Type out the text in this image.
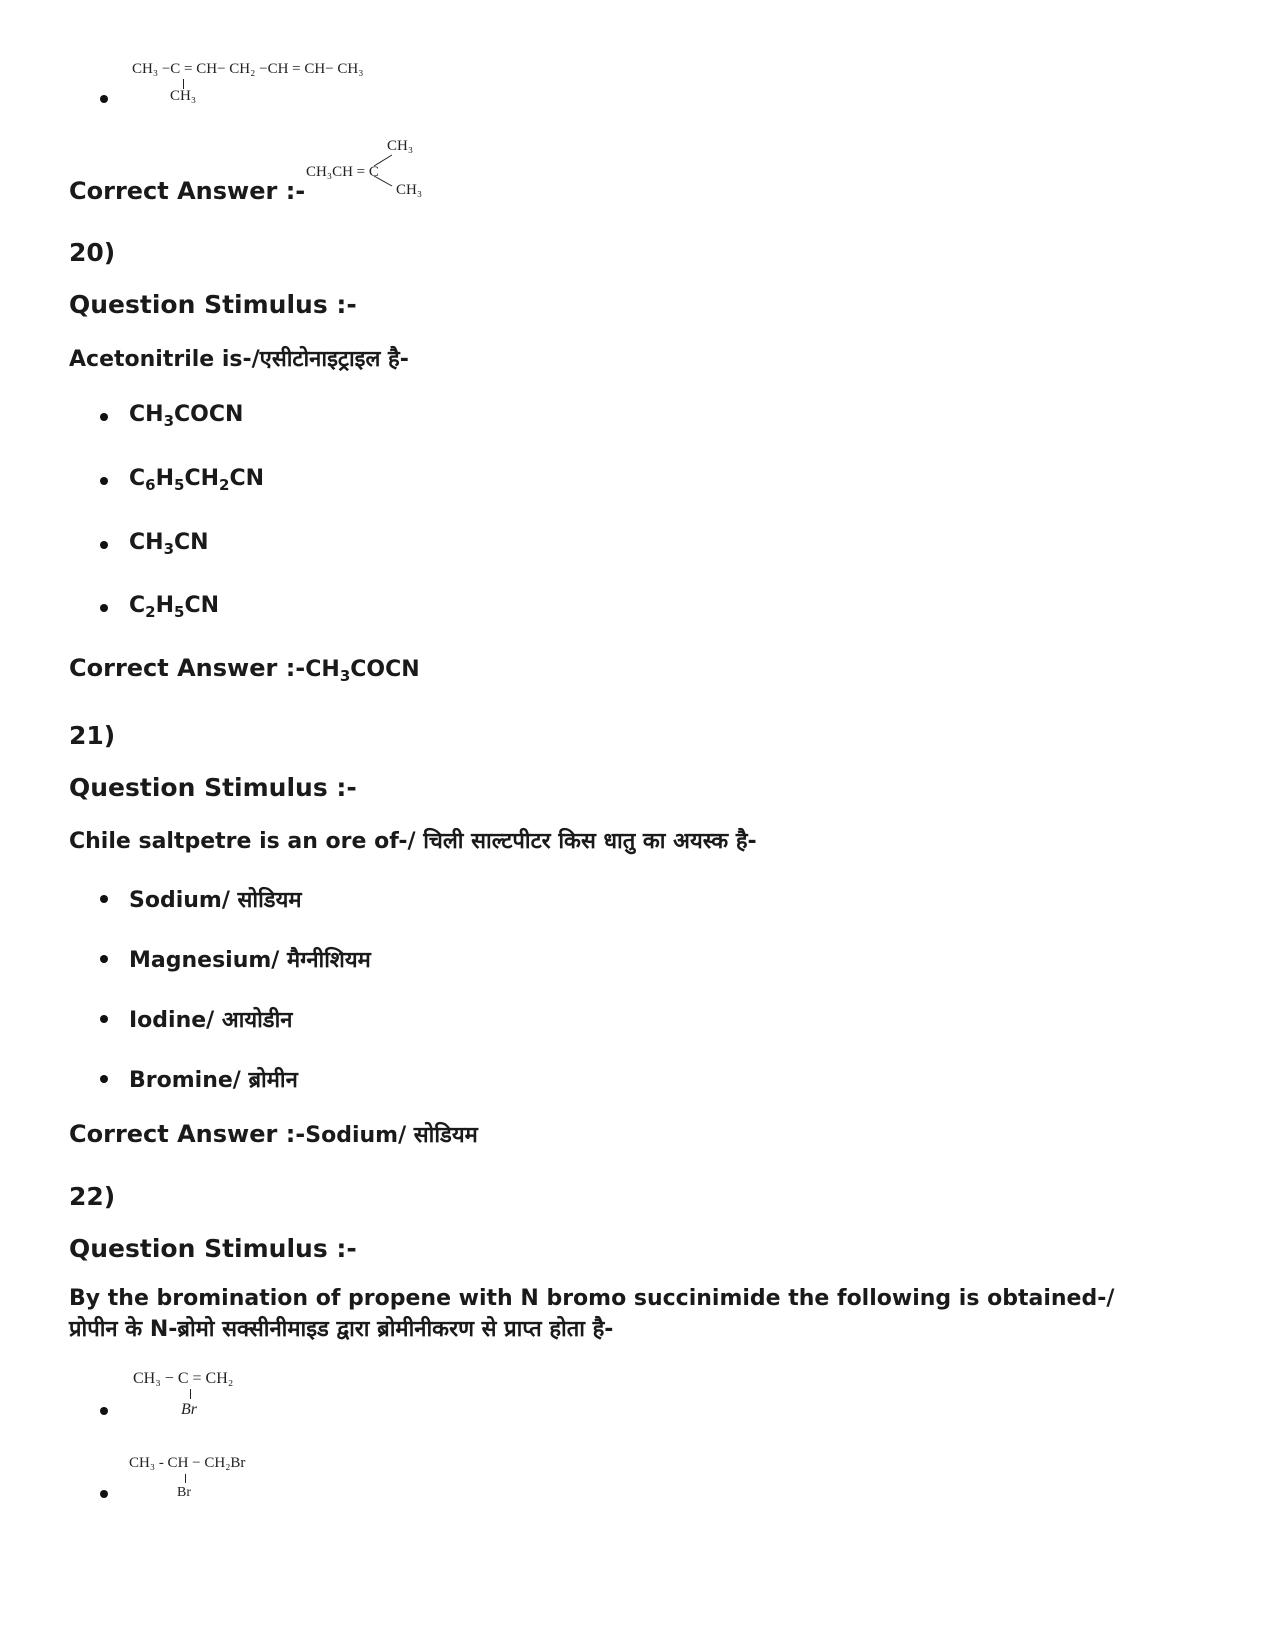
CH₃ −C = CH− CH₂ −CH = CH− CH₃
CH₃
Correct Answer :-
CH₃
CH₃CH = C
CH₃
20)
Question Stimulus :-
Acetonitrile is-/एसीटोनाइट्राइल है-
$CH_3COCN$
$C_6H_5CH_2CN$
$CH_3CN$
$C_2H_5CN$
Correct Answer $:-CH_3COCN$
21)
Question Stimulus :-
Chile saltpetre is an ore of-/ चिली साल्टपीटर किस धातु का अयस्क है-
Sodium/ सोडियम
Magnesium/ मैग्नीशियम
Iodine/ आयोडीन
Bromine/ ब्रोमीन
Correct Answer :-Sodium/ सोडियम
22)
Question Stimulus :-
By the bromination of propene with N bromo succinimide the following is obtained-/
प्रोपीन के N-ब्रोमो सक्सीनीमाइड द्वारा ब्रोमीनीकरण से प्राप्त होता है-
CH₃ − C = CH₂
Br
CH₃ - CH − CH₂Br
Br
